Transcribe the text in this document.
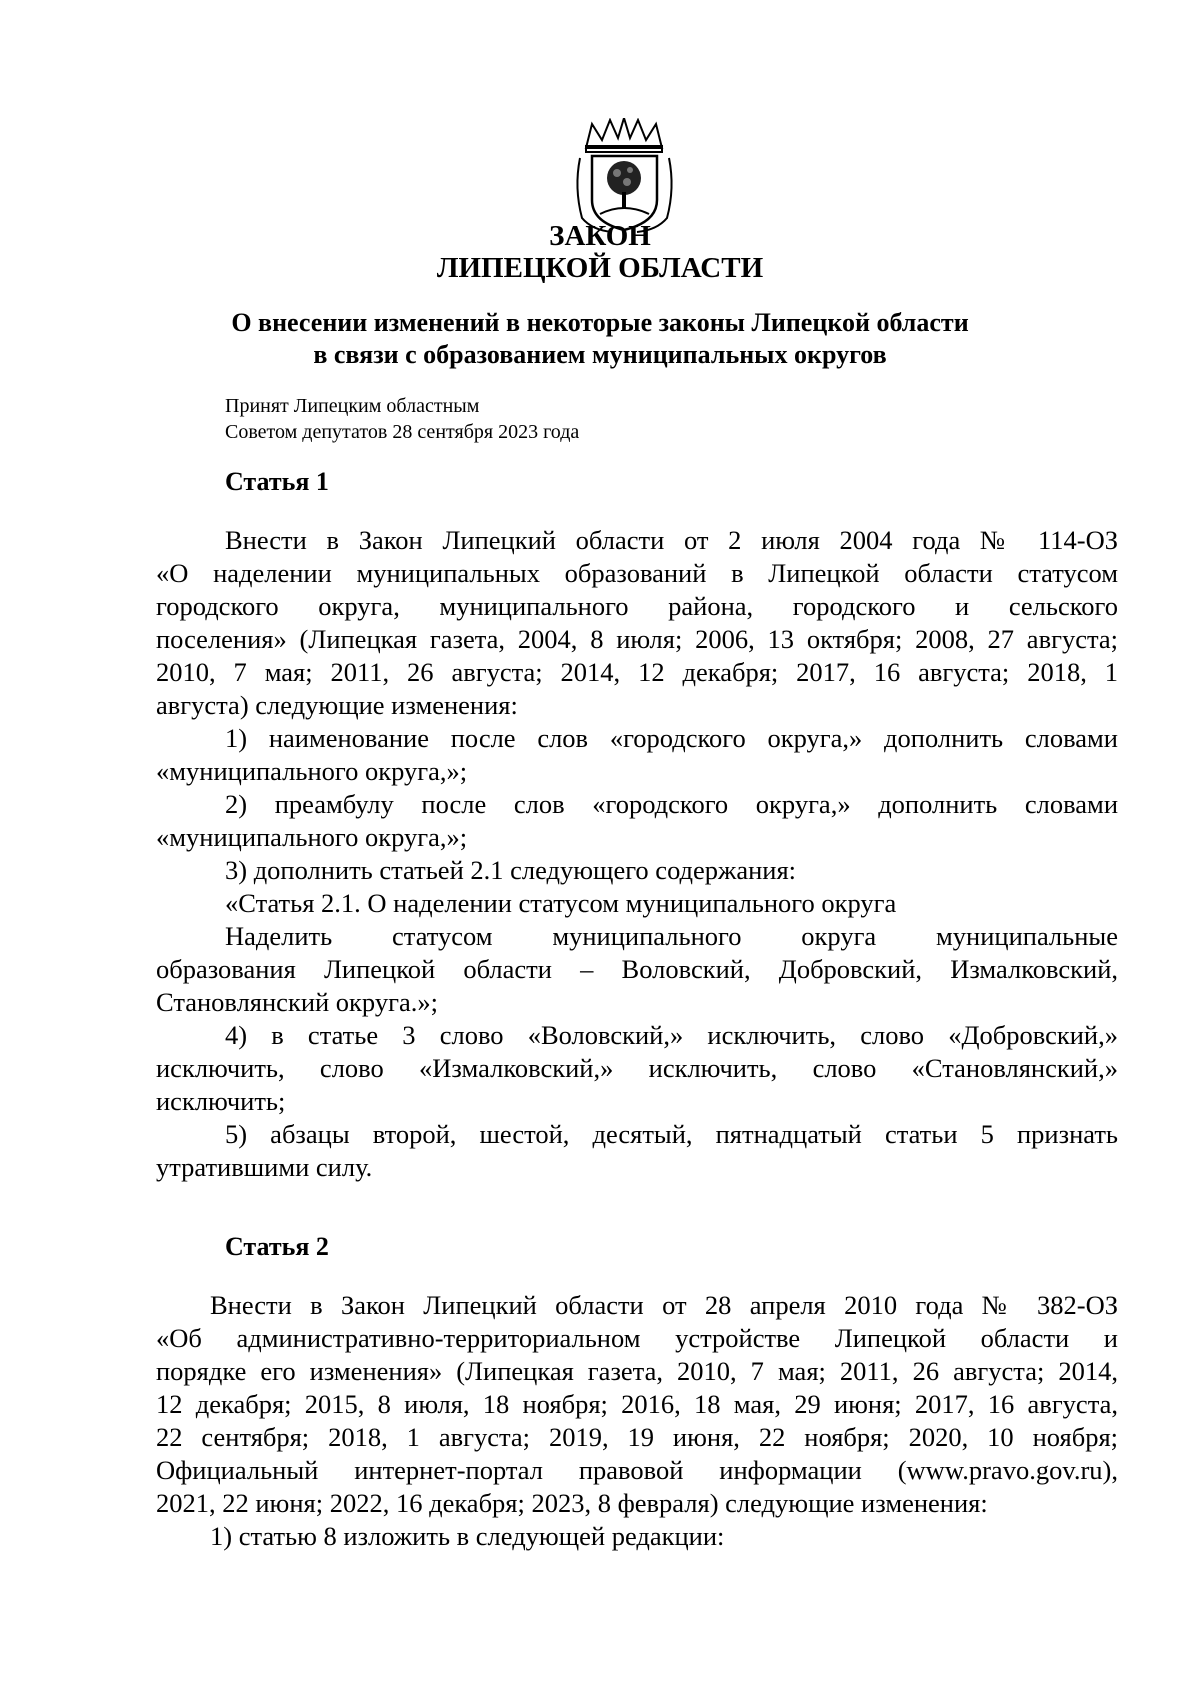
ЗАКОН
ЛИПЕЦКОЙ ОБЛАСТИ
О внесении изменений в некоторые законы Липецкой области
в связи с образованием муниципальных округов
Принят Липецким областным
Советом депутатов 28 сентября 2023 года
Статья 1
Внести в Закон Липецкий области от 2 июля 2004 года № 114-ОЗ
«О наделении муниципальных образований в Липецкой области статусом
городского округа, муниципального района, городского и сельского
поселения» (Липецкая газета, 2004, 8 июля; 2006, 13 октября; 2008, 27 августа;
2010, 7 мая; 2011, 26 августа; 2014, 12 декабря; 2017, 16 августа; 2018, 1
августа) следующие изменения:
1) наименование после слов «городского округа,» дополнить словами
«муниципального округа,»;
2) преамбулу после слов «городского округа,» дополнить словами
«муниципального округа,»;
3) дополнить статьей 2.1 следующего содержания:
«Статья 2.1. О наделении статусом муниципального округа
Наделить статусом муниципального округа муниципальные
образования Липецкой области – Воловский, Добровский, Измалковский,
Становлянский округа.»;
4) в статье 3 слово «Воловский,» исключить, слово «Добровский,»
исключить, слово «Измалковский,» исключить, слово «Становлянский,»
исключить;
5) абзацы второй, шестой, десятый, пятнадцатый статьи 5 признать
утратившими силу.
Статья 2
Внести в Закон Липецкий области от 28 апреля 2010 года № 382-ОЗ
«Об административно-территориальном устройстве Липецкой области и
порядке его изменения» (Липецкая газета, 2010, 7 мая; 2011, 26 августа; 2014,
12 декабря; 2015, 8 июля, 18 ноября; 2016, 18 мая, 29 июня; 2017, 16 августа,
22 сентября; 2018, 1 августа; 2019, 19 июня, 22 ноября; 2020, 10 ноября;
Официальный интернет-портал правовой информации (www.pravo.gov.ru),
2021, 22 июня; 2022, 16 декабря; 2023, 8 февраля) следующие изменения:
1) статью 8 изложить в следующей редакции:
